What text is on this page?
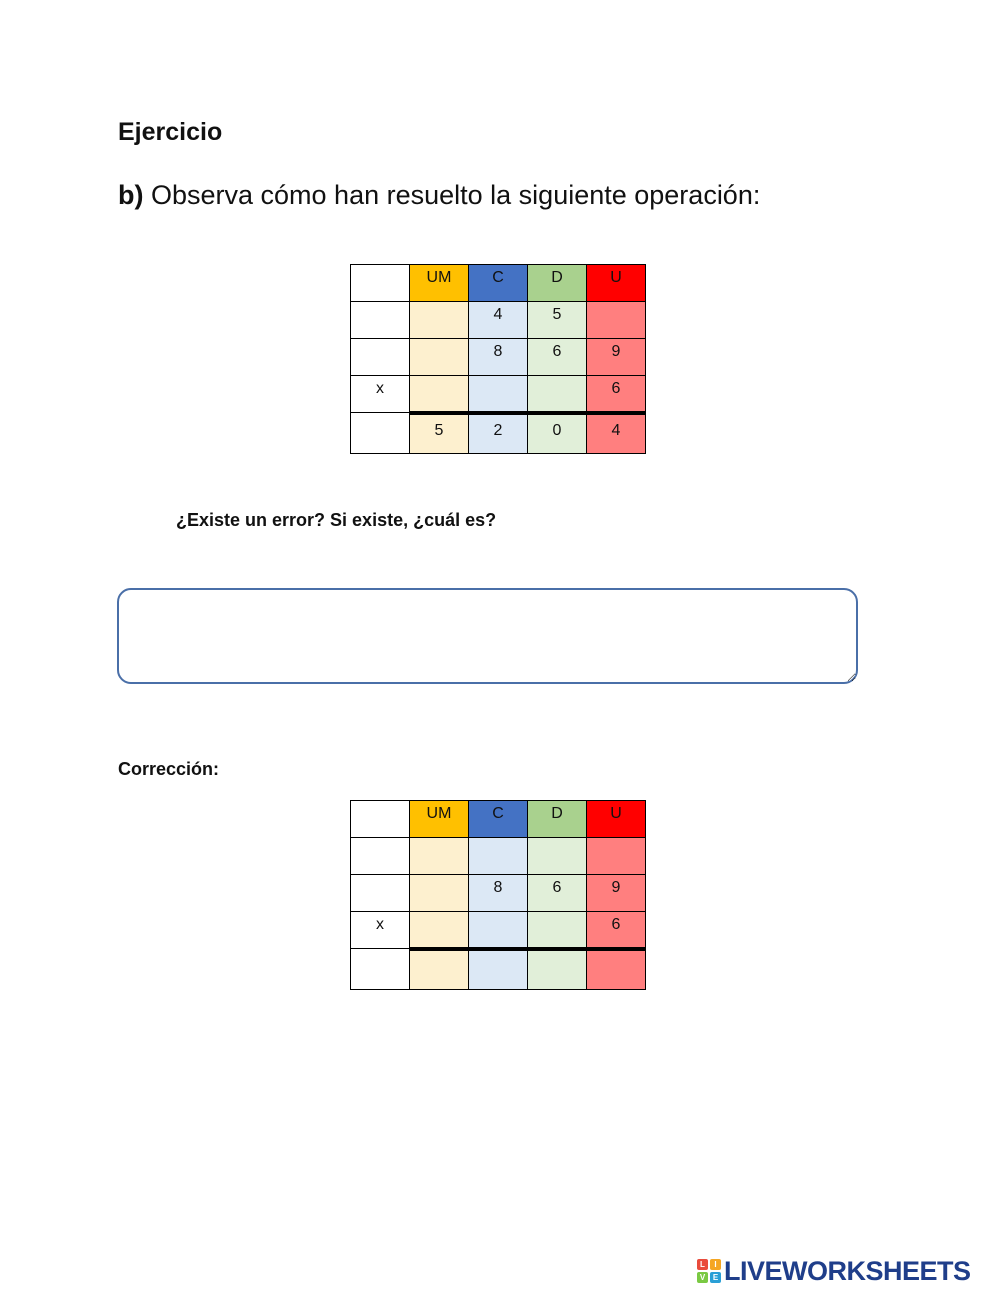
Ejercicio
b) Observa cómo han resuelto la siguiente operación:
	UM	C	D	U
		4	5	
		8	6	9
x				6
	5	2	0	4
¿Existe un error? Si existe, ¿cuál es?
Corrección:
	UM	C	D	U

		8	6	9
x				6

L	I
V E LIVEWORKSHEETS
